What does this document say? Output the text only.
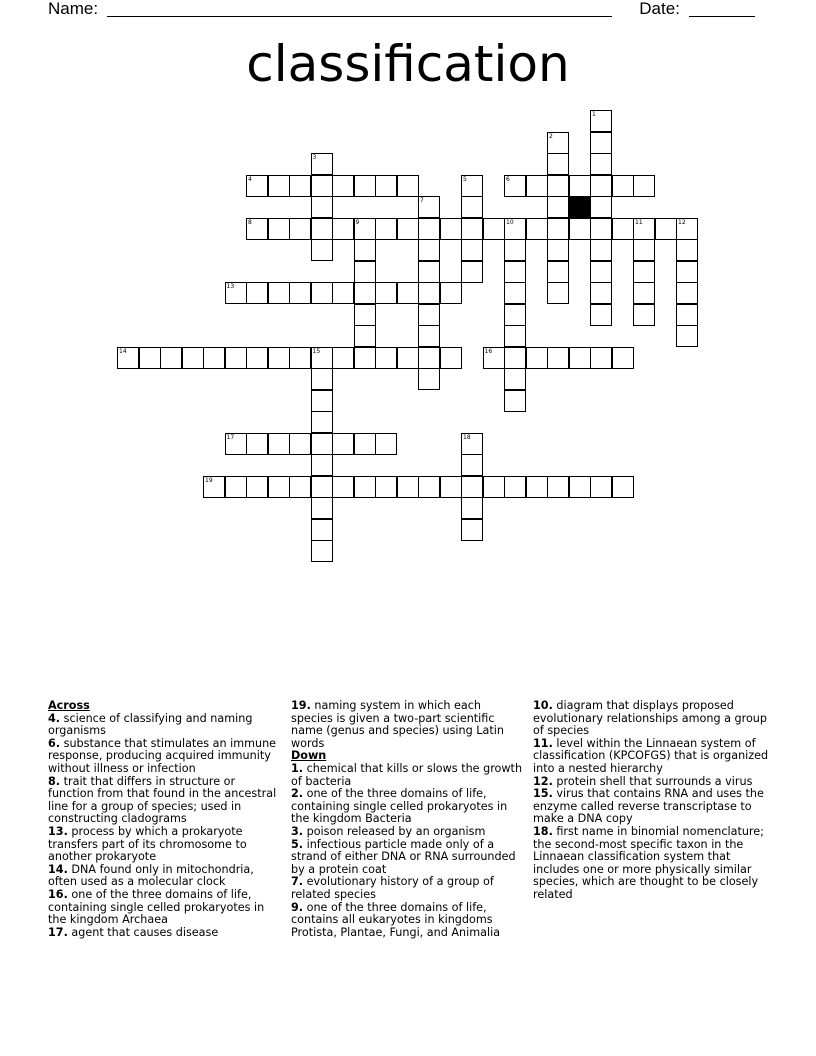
Name:	Date:
classification
4	6
8	9	10	11	12
13
14	15	16
17
19
1
2
3
5
7
18
Across
4. science of classifying and naming organisms
6. substance that stimulates an immune response, producing acquired immunity without illness or infection
8. trait that differs in structure or function from that found in the ancestral line for a group of species; used in constructing cladograms
13. process by which a prokaryote transfers part of its chromosome to another prokaryote
14. DNA found only in mitochondria, often used as a molecular clock
16. one of the three domains of life, containing single celled prokaryotes in the kingdom Archaea
17. agent that causes disease
19. naming system in which each species is given a two-part scientific name (genus and species) using Latin words
Down
1. chemical that kills or slows the growth of bacteria
2. one of the three domains of life, containing single celled prokaryotes in the kingdom Bacteria
3. poison released by an organism
5. infectious particle made only of a strand of either DNA or RNA surrounded by a protein coat
7. evolutionary history of a group of related species
9. one of the three domains of life, contains all eukaryotes in kingdoms Protista, Plantae, Fungi, and Animalia
10. diagram that displays proposed evolutionary relationships among a group of species
11. level within the Linnaean system of classification (KPCOFGS) that is organized into a nested hierarchy
12. protein shell that surrounds a virus
15. virus that contains RNA and uses the enzyme called reverse transcriptase to make a DNA copy
18. first name in binomial nomenclature; the second-most specific taxon in the Linnaean classification system that includes one or more physically similar species, which are thought to be closely related
